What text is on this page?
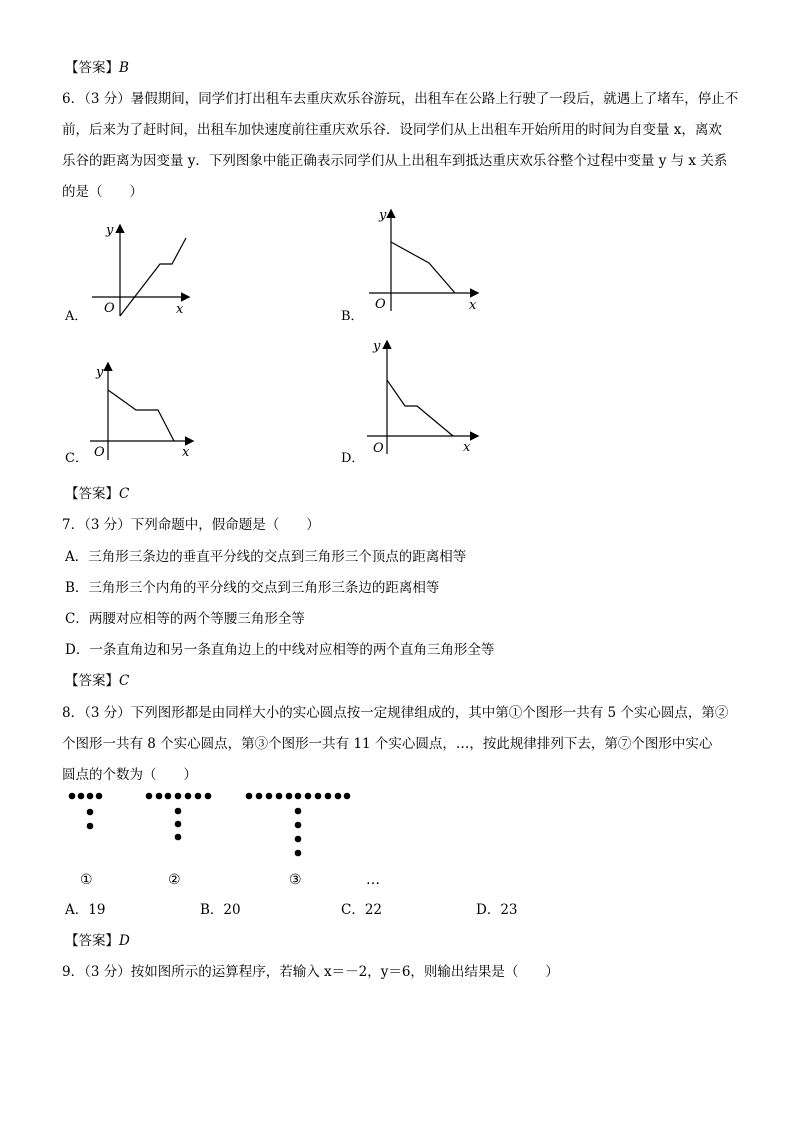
【答案】B
6．（3 分）暑假期间，同学们打出租车去重庆欢乐谷游玩，出租车在公路上行驶了一段后，就遇上了堵车，停止不
前，后来为了赶时间，出租车加快速度前往重庆欢乐谷．设同学们从上出租车开始所用的时间为自变量 x，离欢
乐谷的距离为因变量 y．下列图象中能正确表示同学们从上出租车到抵达重庆欢乐谷整个过程中变量 y 与 x 关系
的是（　　）
A．
y
O	x	B．
y
O	x
C．
y
O	x	D．
y
O	x
【答案】C
7．（3 分）下列命题中，假命题是（　　）
A．三角形三条边的垂直平分线的交点到三角形三个顶点的距离相等
B．三角形三个内角的平分线的交点到三角形三条边的距离相等
C．两腰对应相等的两个等腰三角形全等
D．一条直角边和另一条直角边上的中线对应相等的两个直角三角形全等
【答案】C
8．（3 分）下列图形都是由同样大小的实心圆点按一定规律组成的，其中第①个图形一共有 5 个实心圆点，第②
个图形一共有 8 个实心圆点，第③个图形一共有 11 个实心圆点，…，按此规律排列下去，第⑦个图形中实心
圆点的个数为（　　）
①	②	③	…
A．19	B．20	C．22	D．23
【答案】D
9．（3 分）按如图所示的运算程序，若输入 x＝－2，y＝6，则输出结果是（　　）
